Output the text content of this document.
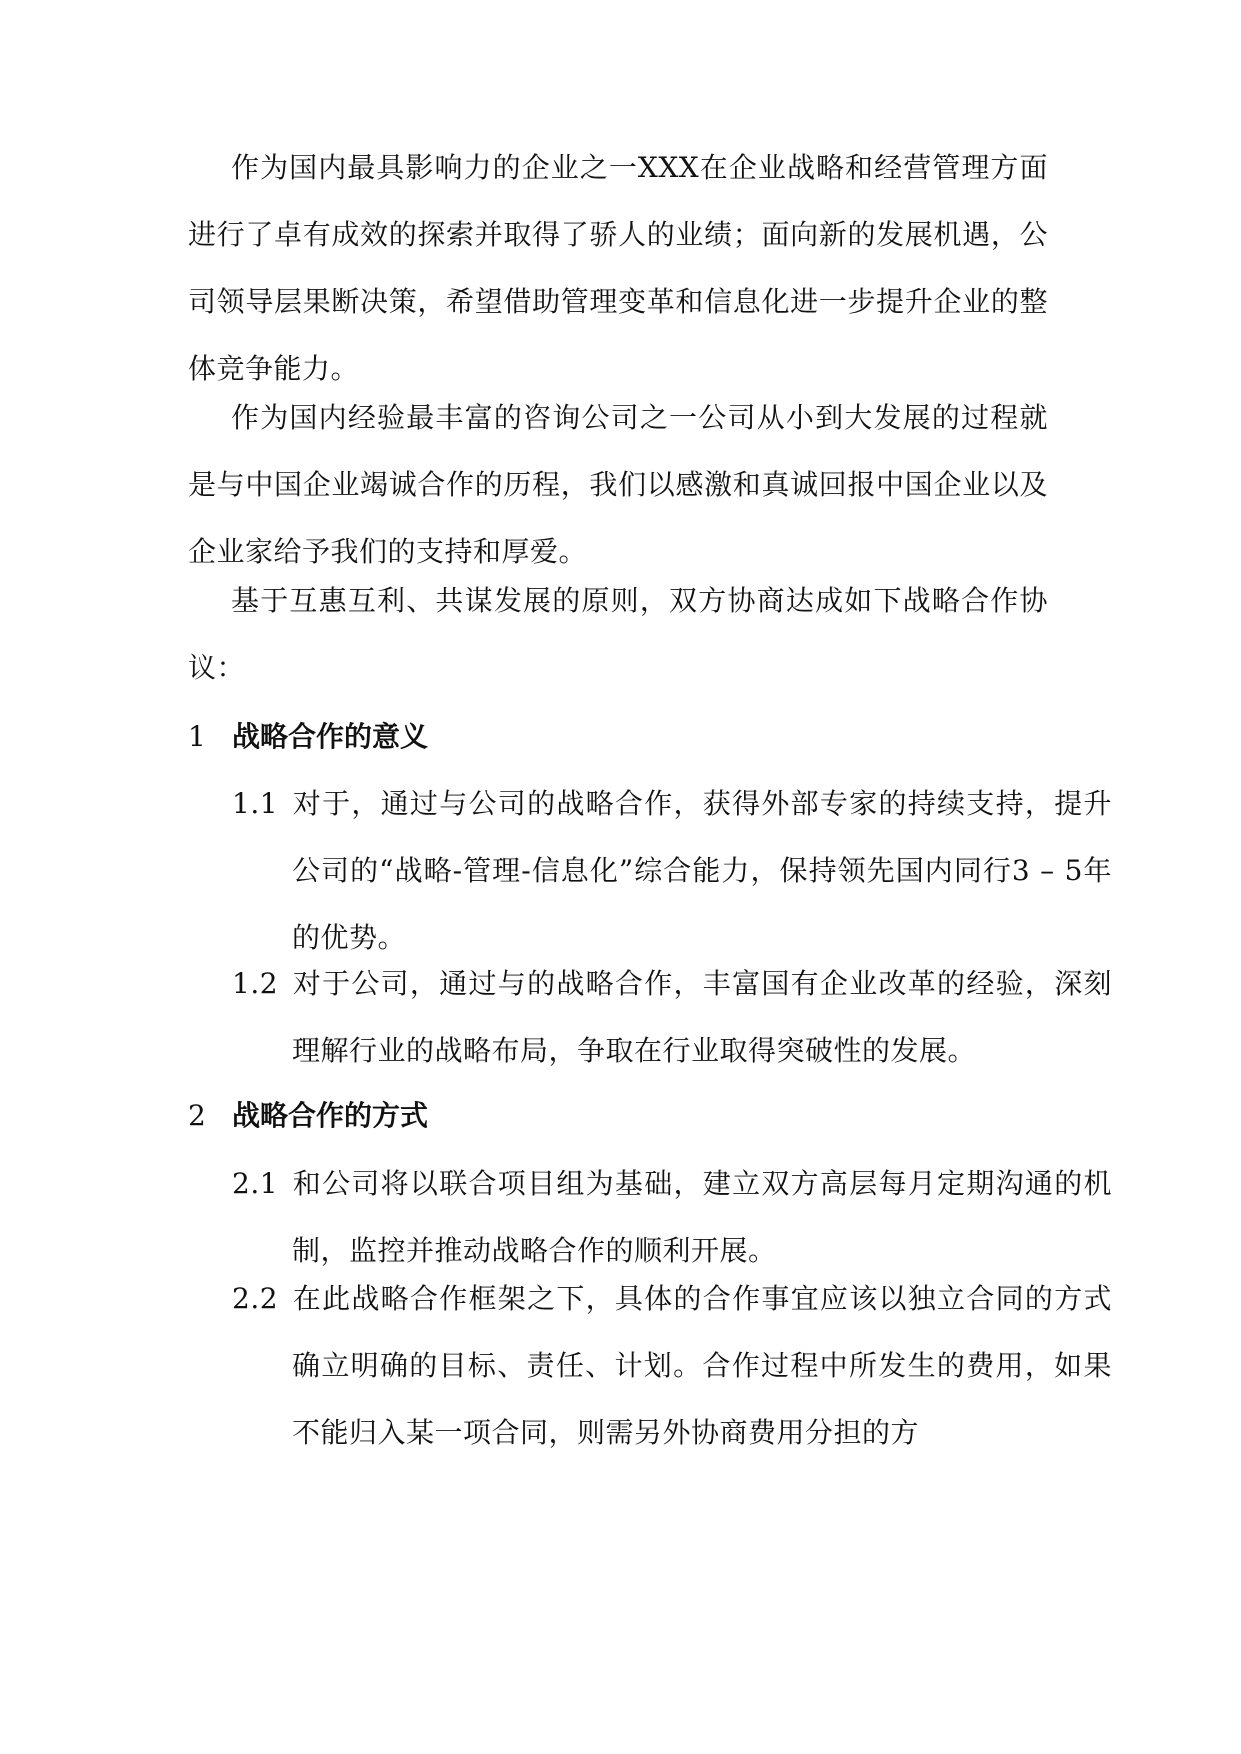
作为国内最具影响力的企业之一XXX在企业战略和经营管理方面进行了卓有成效的探索并取得了骄人的业绩；面向新的发展机遇，公司领导层果断决策，希望借助管理变革和信息化进一步提升企业的整体竞争能力。

作为国内经验最丰富的咨询公司之一公司从小到大发展的过程就是与中国企业竭诚合作的历程，我们以感激和真诚回报中国企业以及企业家给予我们的支持和厚爱。

基于互惠互利、共谋发展的原则，双方协商达成如下战略合作协议：

1 战略合作的意义

1.1 对于，通过与公司的战略合作，获得外部专家的持续支持，提升公司的“战略-管理-信息化”综合能力，保持领先国内同行3 – 5年的优势。

1.2 对于公司，通过与的战略合作，丰富国有企业改革的经验，深刻理解行业的战略布局，争取在行业取得突破性的发展。

2 战略合作的方式

2.1 和公司将以联合项目组为基础，建立双方高层每月定期沟通的机制，监控并推动战略合作的顺利开展。

2.2 在此战略合作框架之下，具体的合作事宜应该以独立合同的方式确立明确的目标、责任、计划。合作过程中所发生的费用，如果不能归入某一项合同，则需另外协商费用分担的方
